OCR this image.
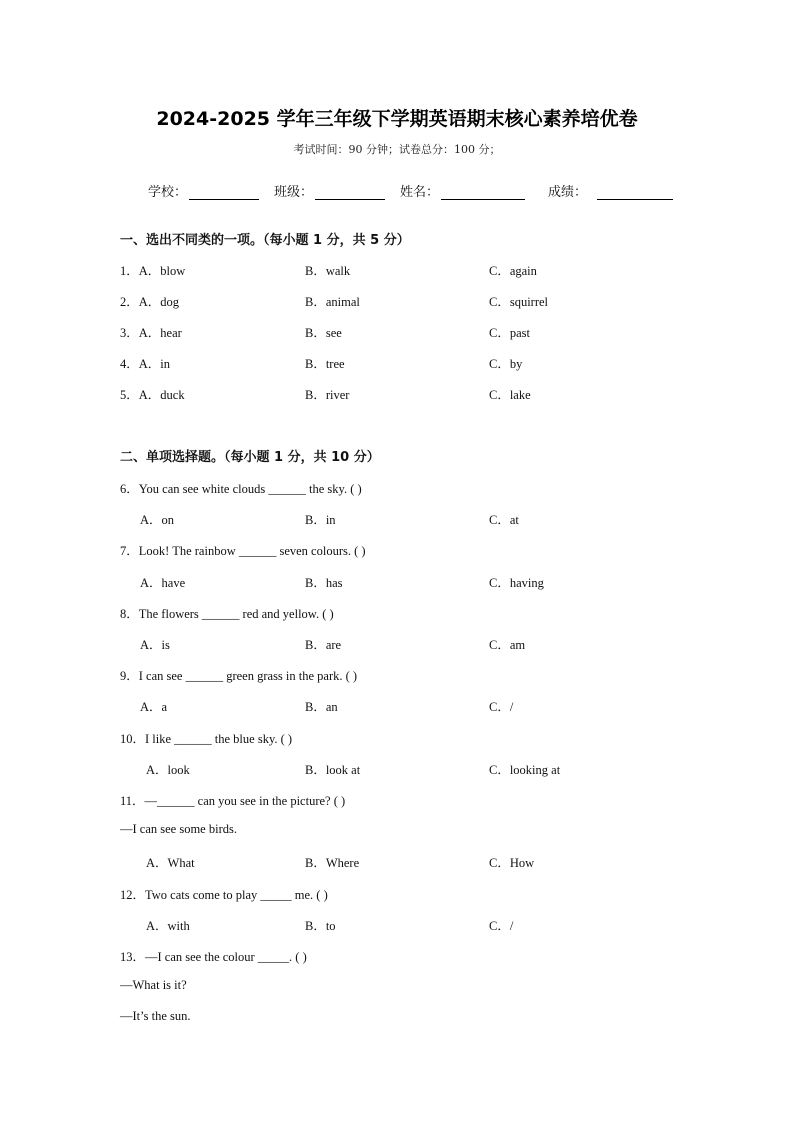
2024-2025 学年三年级下学期英语期末核心素养培优卷
考试时间：90 分钟；试卷总分：100 分；
学校：	班级：	姓名：	成绩：
一、选出不同类的一项。（每小题 1 分，共 5 分）
1．A．blow	B．walk	C．again
2．A．dog	B．animal	C．squirrel
3．A．hear	B．see	C．past
4．A．in	B．tree	C．by
5．A．duck	B．river	C．lake
二、单项选择题。（每小题 1 分，共 10 分）
6．You can see white clouds ______ the sky. ( )
A．on	B．in	C．at
7．Look! The rainbow ______ seven colours. ( )
A．have	B．has	C．having
8．The flowers ______ red and yellow. ( )
A．is	B．are	C．am
9．I can see ______ green grass in the park. ( )
A．a	B．an	C．/
10．I like ______ the blue sky. ( )
A．look	B．look at	C．looking at
11．—______ can you see in the picture? ( )
—I can see some birds.
A．What	B．Where	C．How
12．Two cats come to play _____ me. ( )
A．with	B．to	C．/
13．—I can see the colour _____. ( )
—What is it?
—It’s the sun.
